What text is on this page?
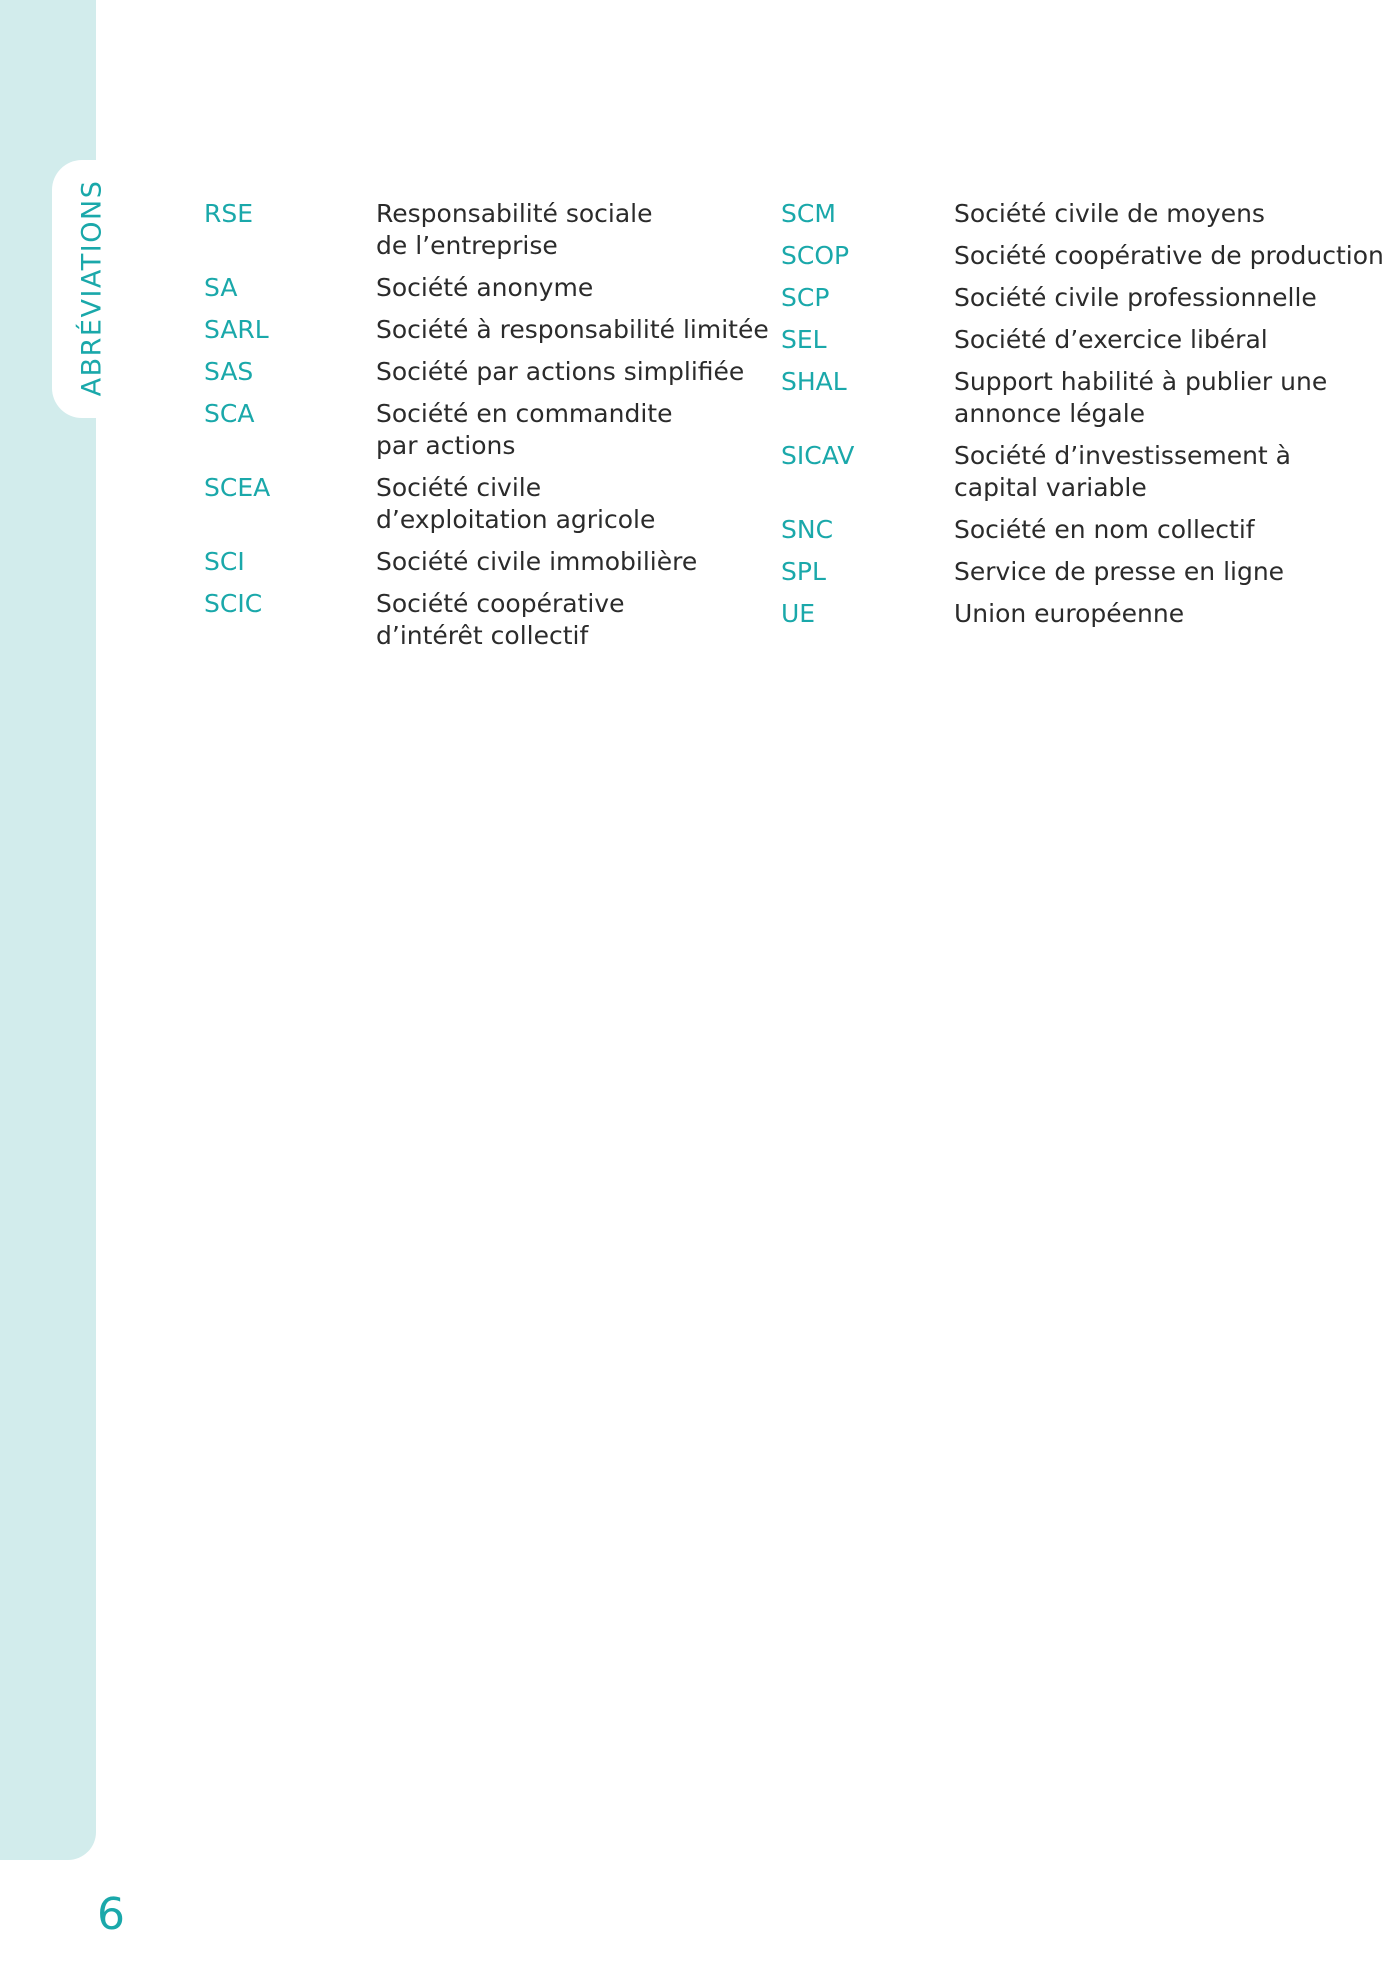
ABRÉVIATIONS	RSE	Responsabilité sociale
de l’entreprise
SA	Société anonyme
SARL	Société à responsabilité limitée
SAS	Société par actions simplifiée
SCA	Société en commandite
par actions
SCEA	Société civile
d’exploitation agricole
SCI	Société civile immobilière
SCIC	Société coopérative
d’intérêt collectif
SCM	Société civile de moyens
SCOP	Société coopérative de production
SCP	Société civile professionnelle
SEL	Société d’exercice libéral
SHAL	Support habilité à publier une
annonce légale
SICAV	Société d’investissement à
capital variable
SNC	Société en nom collectif
SPL	Service de presse en ligne
UE	Union européenne
6
